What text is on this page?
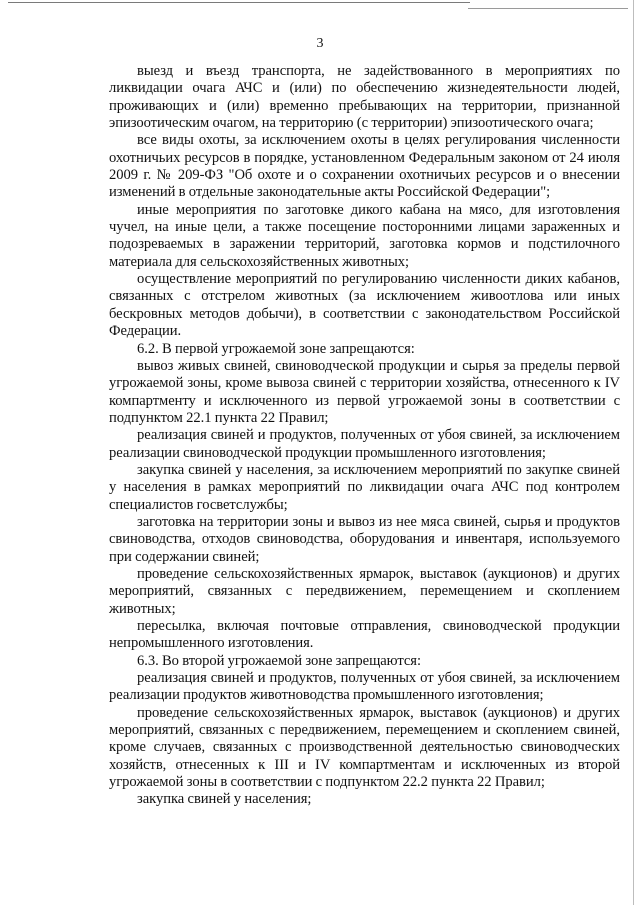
3

выезд и въезд транспорта, не задействованного в мероприятиях по ликвидации очага АЧС и (или) по обеспечению жизнедеятельности людей, проживающих и (или) временно пребывающих на территории, признанной эпизоотическим очагом, на территорию (с территории) эпизоотического очага;

все виды охоты, за исключением охоты в целях регулирования численности охотничьих ресурсов в порядке, установленном Федеральным законом от 24 июля 2009 г. № 209-ФЗ "Об охоте и о сохранении охотничьих ресурсов и о внесении изменений в отдельные законодательные акты Российской Федерации";

иные мероприятия по заготовке дикого кабана на мясо, для изготовления чучел, на иные цели, а также посещение посторонними лицами зараженных и подозреваемых в заражении территорий, заготовка кормов и подстилочного материала для сельскохозяйственных животных;

осуществление мероприятий по регулированию численности диких кабанов, связанных с отстрелом животных (за исключением живоотлова или иных бескровных методов добычи), в соответствии с законодательством Российской Федерации.

6.2. В первой угрожаемой зоне запрещаются:

вывоз живых свиней, свиноводческой продукции и сырья за пределы первой угрожаемой зоны, кроме вывоза свиней с территории хозяйства, отнесенного к IV компартменту и исключенного из первой угрожаемой зоны в соответствии с подпунктом 22.1 пункта 22 Правил;

реализация свиней и продуктов, полученных от убоя свиней, за исключением реализации свиноводческой продукции промышленного изготовления;

закупка свиней у населения, за исключением мероприятий по закупке свиней у населения в рамках мероприятий по ликвидации очага АЧС под контролем специалистов госветслужбы;

заготовка на территории зоны и вывоз из нее мяса свиней, сырья и продуктов свиноводства, отходов свиноводства, оборудования и инвентаря, используемого при содержании свиней;

проведение сельскохозяйственных ярмарок, выставок (аукционов) и других мероприятий, связанных с передвижением, перемещением и скоплением животных;

пересылка, включая почтовые отправления, свиноводческой продукции непромышленного изготовления.

6.3. Во второй угрожаемой зоне запрещаются:

реализация свиней и продуктов, полученных от убоя свиней, за исключением реализации продуктов животноводства промышленного изготовления;

проведение сельскохозяйственных ярмарок, выставок (аукционов) и других мероприятий, связанных с передвижением, перемещением и скоплением свиней, кроме случаев, связанных с производственной деятельностью свиноводческих хозяйств, отнесенных к III и IV компартментам и исключенных из второй угрожаемой зоны в соответствии с подпунктом 22.2 пункта 22 Правил;

закупка свиней у населения;
